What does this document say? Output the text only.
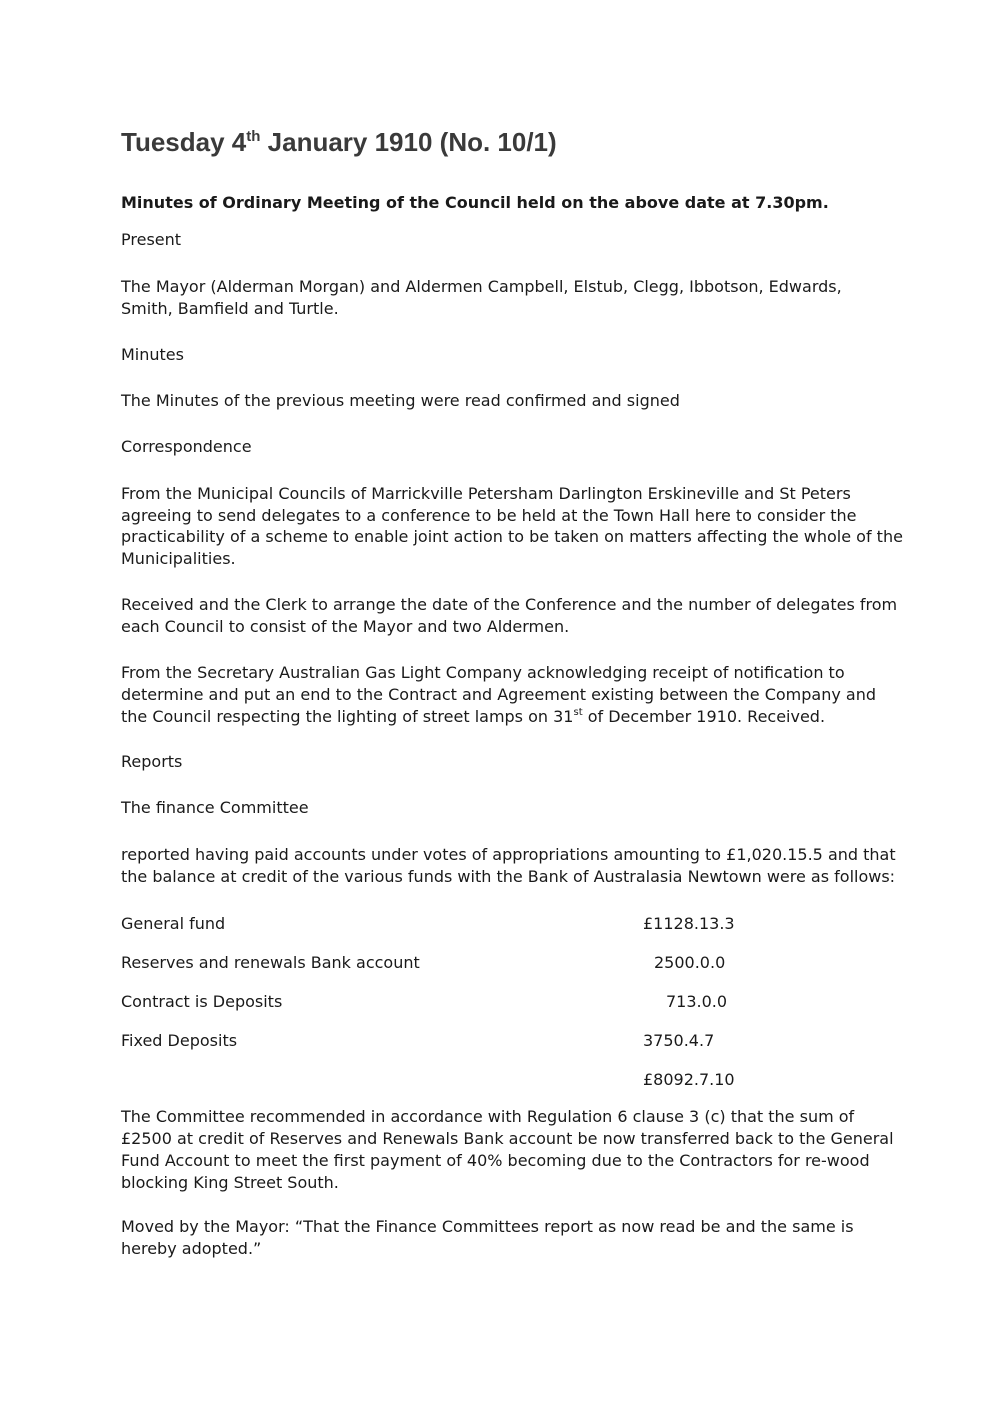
Tuesday 4th January 1910 (No. 10/1)

Minutes of Ordinary Meeting of the Council held on the above date at 7.30pm.

Present

The Mayor (Alderman Morgan) and Aldermen Campbell, Elstub, Clegg, Ibbotson, Edwards,

Smith, Bamfield and Turtle.

Minutes

The Minutes of the previous meeting were read confirmed and signed

Correspondence

From the Municipal Councils of Marrickville Petersham Darlington Erskineville and St Peters

agreeing to send delegates to a conference to be held at the Town Hall here to consider the

practicability of a scheme to enable joint action to be taken on matters affecting the whole of the

Municipalities.

Received and the Clerk to arrange the date of the Conference and the number of delegates from

each Council to consist of the Mayor and two Aldermen.

From the Secretary Australian Gas Light Company acknowledging receipt of notification to

determine and put an end to the Contract and Agreement existing between the Company and

the Council respecting the lighting of street lamps on 31st of December 1910. Received.

Reports

The finance Committee

reported having paid accounts under votes of appropriations amounting to £1,020.15.5 and that

the balance at credit of the various funds with the Bank of Australasia Newtown were as follows:

General fund	£1128.13.3
Reserves and renewals Bank account	2500.0.0
Contract is Deposits	713.0.0
Fixed Deposits	3750.4.7
£8092.7.10

The Committee recommended in accordance with Regulation 6 clause 3 (c) that the sum of

£2500 at credit of Reserves and Renewals Bank account be now transferred back to the General

Fund Account to meet the first payment of 40% becoming due to the Contractors for re-wood

blocking King Street South.

Moved by the Mayor: “That the Finance Committees report as now read be and the same is

hereby adopted.”
